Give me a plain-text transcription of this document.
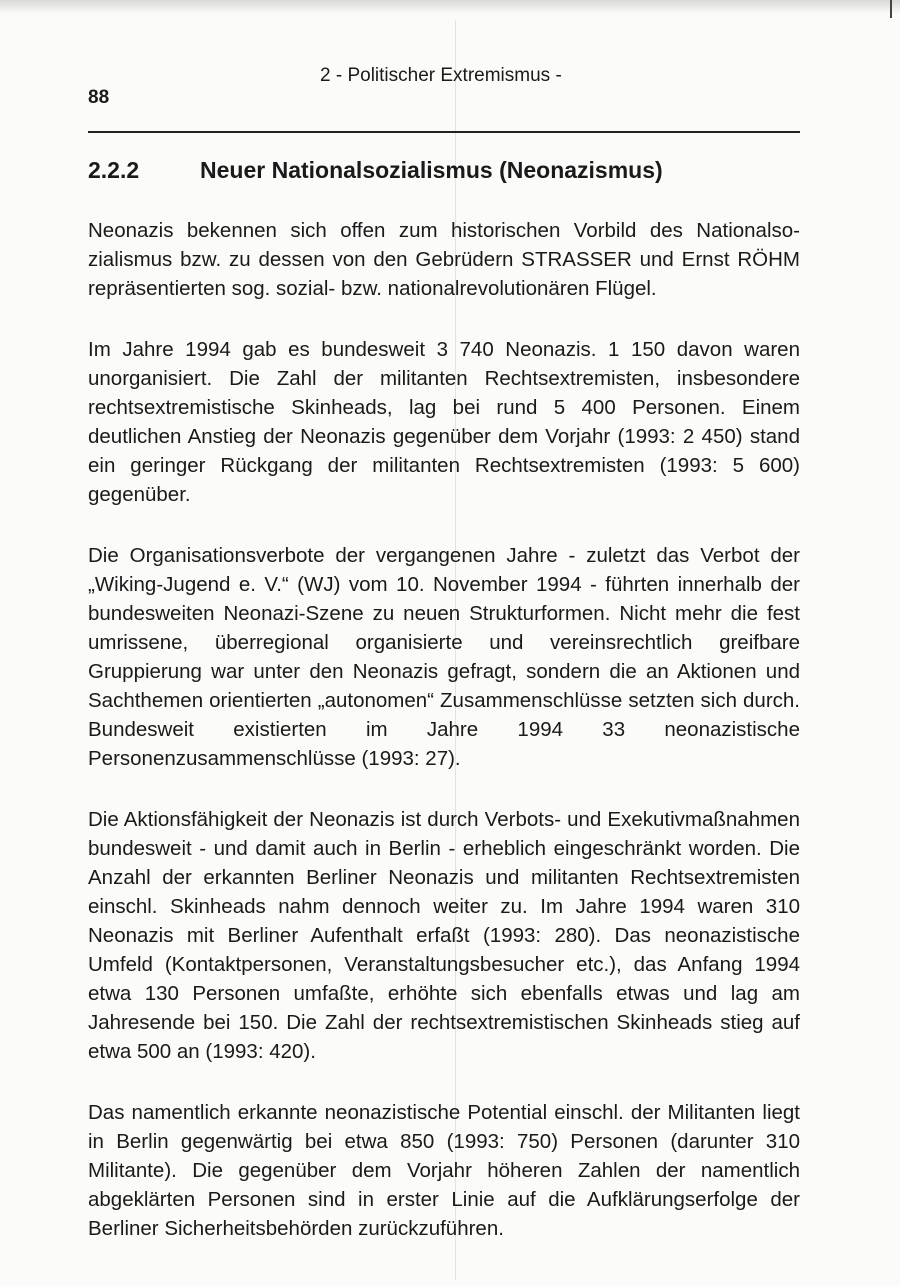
2 - Politischer Extremismus -
88
2.2.2	Neuer Nationalsozialismus (Neonazismus)

Neonazis bekennen sich offen zum historischen Vorbild des Nationalsozialismus bzw. zu dessen von den Gebrüdern STRASSER und Ernst RÖHM repräsentierten sog. sozial- bzw. nationalrevolutionären Flügel.

Im Jahre 1994 gab es bundesweit 3 740 Neonazis. 1 150 davon waren unorganisiert. Die Zahl der militanten Rechtsextremisten, insbesondere rechtsextremistische Skinheads, lag bei rund 5 400 Personen. Einem deutlichen Anstieg der Neonazis gegenüber dem Vorjahr (1993: 2 450) stand ein geringer Rückgang der militanten Rechtsextremisten (1993: 5 600) gegenüber.

Die Organisationsverbote der vergangenen Jahre - zuletzt das Verbot der „Wiking-Jugend e. V.“ (WJ) vom 10. November 1994 - führten innerhalb der bundesweiten Neonazi-Szene zu neuen Strukturformen. Nicht mehr die fest umrissene, überregional organisierte und vereinsrechtlich greifbare Gruppierung war unter den Neonazis gefragt, sondern die an Aktionen und Sachthemen orientierten „autonomen“ Zusammenschlüsse setzten sich durch. Bundesweit existierten im Jahre 1994 33 neonazistische Personenzusammenschlüsse (1993: 27).

Die Aktionsfähigkeit der Neonazis ist durch Verbots- und Exekutivmaßnahmen bundesweit - und damit auch in Berlin - erheblich eingeschränkt worden. Die Anzahl der erkannten Berliner Neonazis und militanten Rechtsextremisten einschl. Skinheads nahm dennoch weiter zu. Im Jahre 1994 waren 310 Neonazis mit Berliner Aufenthalt erfaßt (1993: 280). Das neonazistische Umfeld (Kontaktpersonen, Veranstaltungsbesucher etc.), das Anfang 1994 etwa 130 Personen umfaßte, erhöhte sich ebenfalls etwas und lag am Jahresende bei 150. Die Zahl der rechtsextremistischen Skinheads stieg auf etwa 500 an (1993: 420).

Das namentlich erkannte neonazistische Potential einschl. der Militanten liegt in Berlin gegenwärtig bei etwa 850 (1993: 750) Personen (darunter 310 Militante). Die gegenüber dem Vorjahr höheren Zahlen der namentlich abgeklärten Personen sind in erster Linie auf die Aufklärungserfolge der Berliner Sicherheitsbehörden zurückzuführen.
